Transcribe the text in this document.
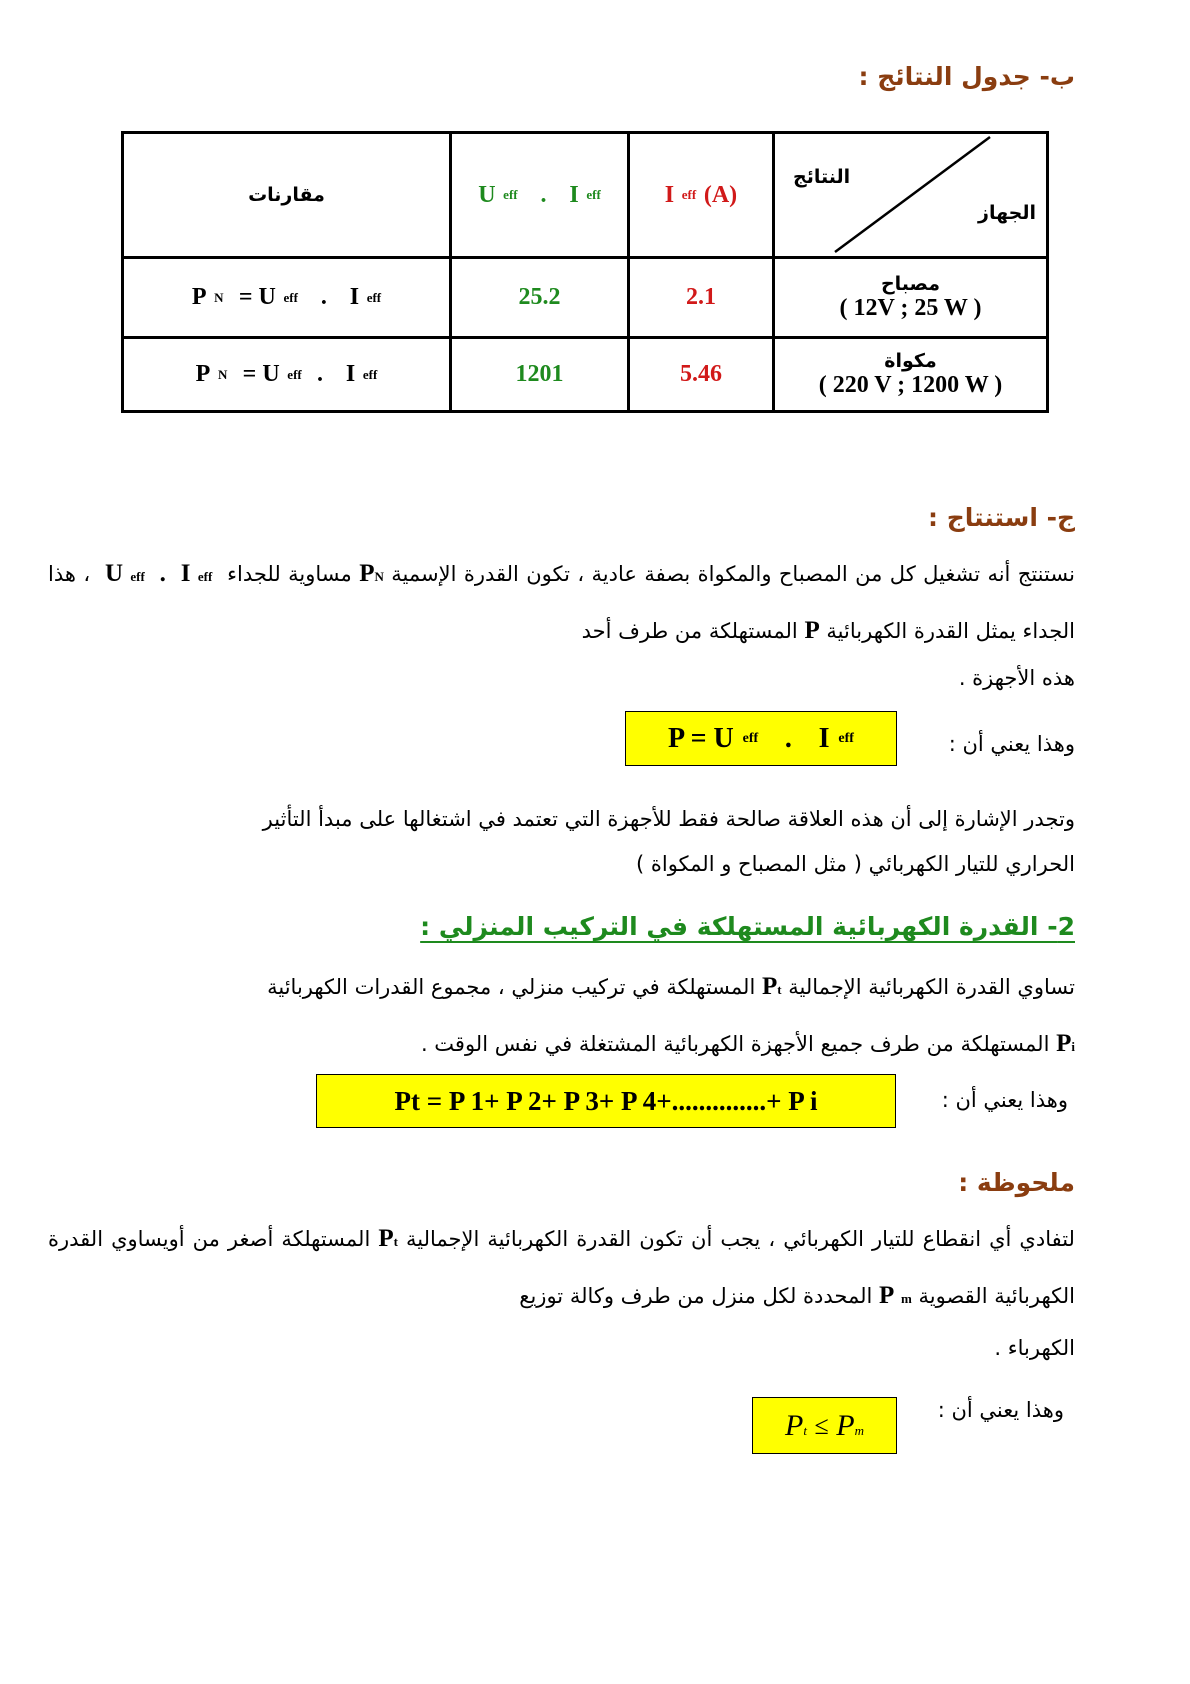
ب- جدول النتائج :
النتائج
الجهاز
I
eff
(A)
U
eff
.
I
eff
مقارنات
مصباح
( 12V ; 25 W )
2.1
25.2
P
N
= U
eff
.
I
eff
مكواة
( 220 V ; 1200 W )
5.46
1201
P
N
= U
eff
.
I
eff
ج- استنتاج :
نستنتج أنه تشغيل كل من المصباح والمكواة بصفة عادية ، تكون القدرة الإسمية PN مساوية للجداء  U eff . I eff  ، هذا الجداء يمثل القدرة الكهربائية P المستهلكة من طرف أحد
هذه الأجهزة .
وهذا يعني أن :
P = U
eff
.
I
eff
وتجدر الإشارة إلى أن هذه العلاقة صالحة فقط للأجهزة التي تعتمد في اشتغالها على مبدأ التأثير
الحراري للتيار الكهربائي ( مثل المصباح و المكواة )
2- القدرة الكهربائية المستهلكة في التركيب المنزلي :
تساوي القدرة الكهربائية الإجمالية Pt المستهلكة في تركيب منزلي ، مجموع القدرات الكهربائية
Pi المستهلكة من طرف جميع الأجهزة الكهربائية المشتغلة في نفس الوقت .
وهذا يعني أن :
Pt = P 1+ P 2+ P 3+ P 4+..............+ P i
ملحوظة :
لتفادي أي انقطاع للتيار الكهربائي ، يجب أن تكون القدرة الكهربائية الإجمالية Pt المستهلكة أصغر من أويساوي القدرة الكهربائية القصوية P m المحددة لكل منزل من طرف وكالة توزيع
الكهرباء .
وهذا يعني أن :
P t
≤
P m
